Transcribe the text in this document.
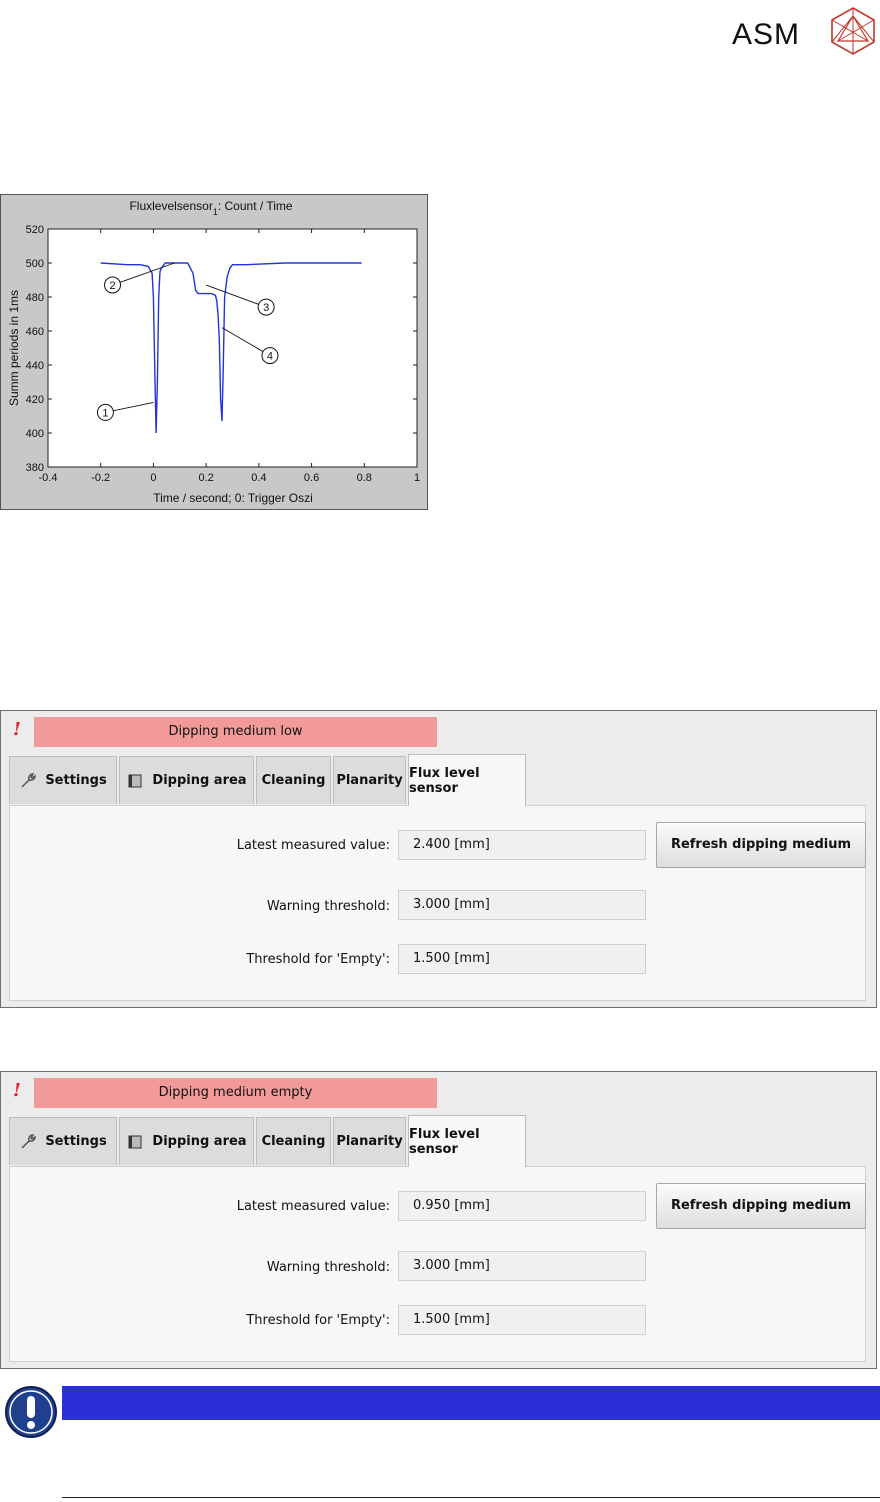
ASM
Fluxlevelsensor$_1$: Count / Time
-0.4	-0.2	0	0.2	0.4	0.6	0.8	1
380
400
420
440
460
480
500
520
1
2
3
4
Time / second; 0: Trigger Oszi
Summ periods in 1ms
!	Dipping medium low
Settings	Dipping area Cleaning Planarity Flux level sensor
Latest measured value:	2.400 [mm]	Refresh dipping medium
Warning threshold:	3.000 [mm]
Threshold for 'Empty':	1.500 [mm]
!	Dipping medium empty
Settings	Dipping area Cleaning Planarity Flux level sensor
Latest measured value:	0.950 [mm]	Refresh dipping medium
Warning threshold:	3.000 [mm]
Threshold for 'Empty':	1.500 [mm]
